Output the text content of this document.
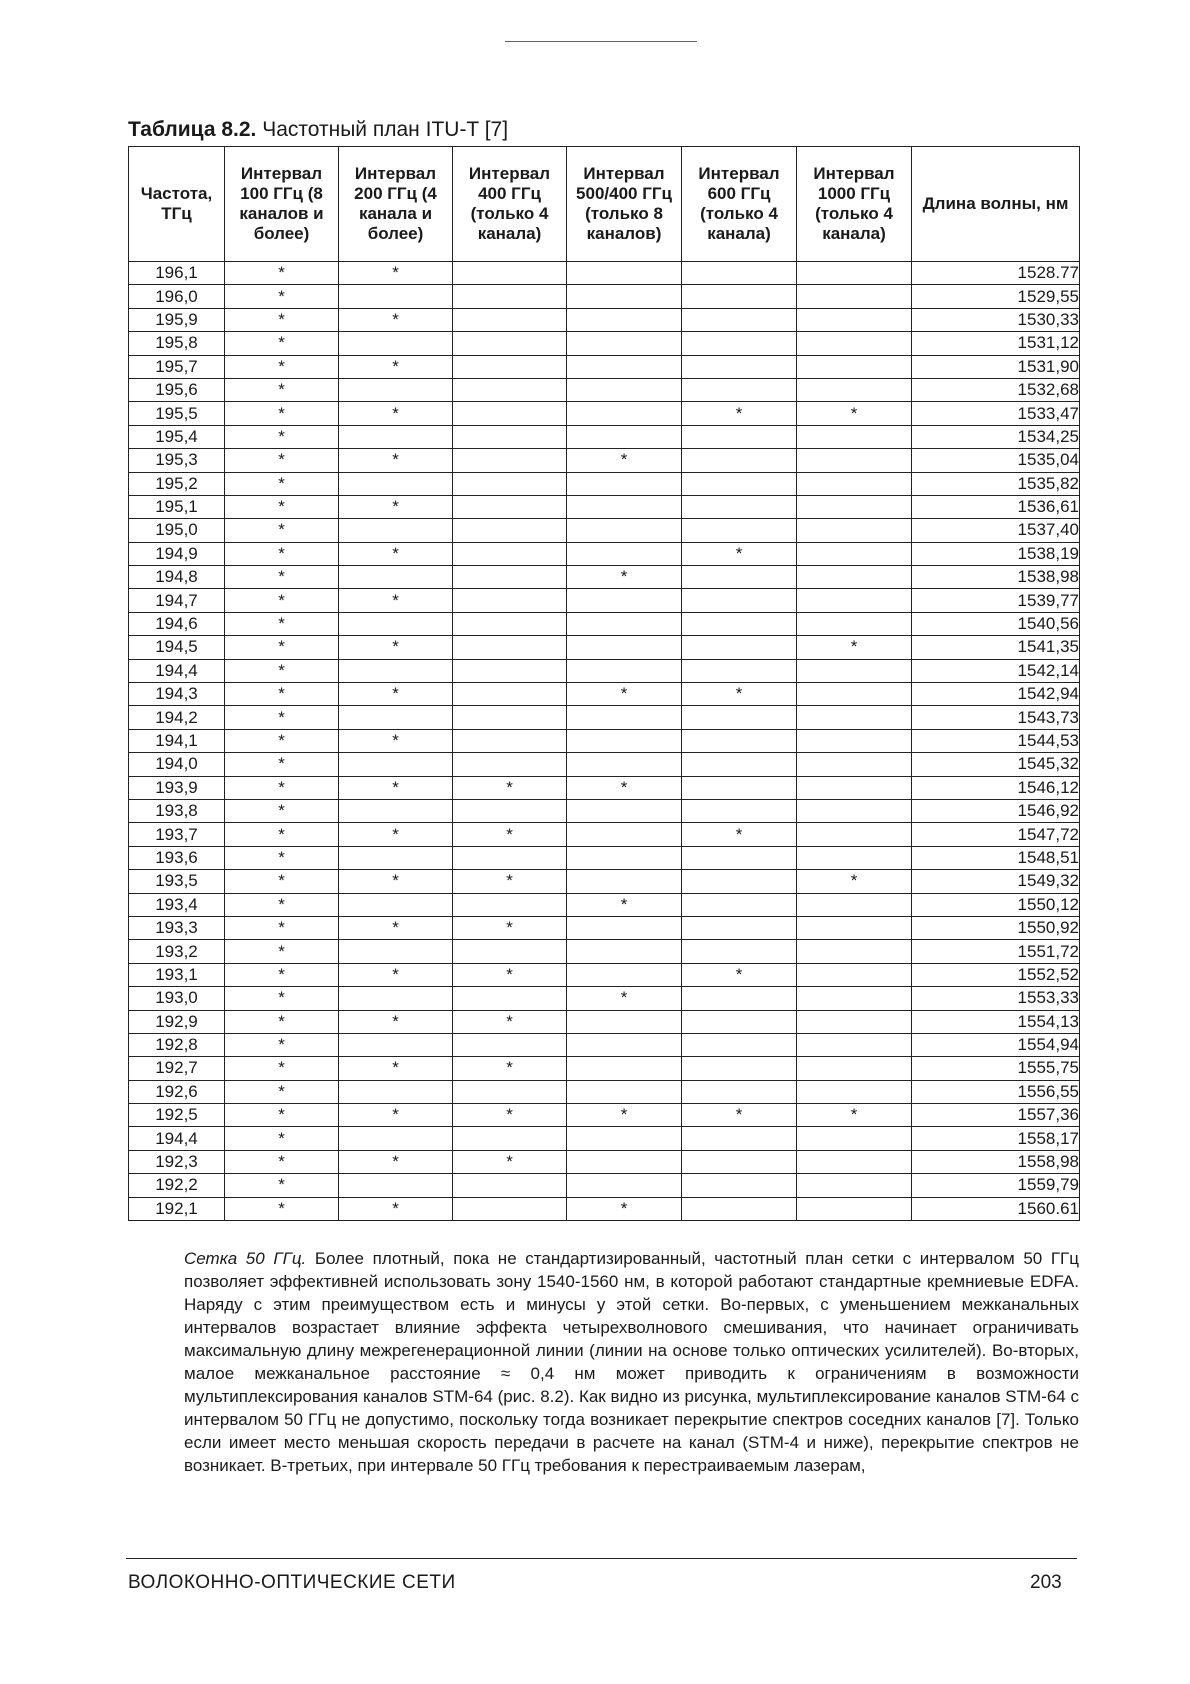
Таблица 8.2. Частотный план ITU-T [7]
Частота, ТГц	Интервал 100 ГГц (8 каналов и более)	Интервал 200 ГГц (4 канала и более)	Интервал 400 ГГц (только 4 канала)	Интервал 500/400 ГГц (только 8 каналов)	Интервал 600 ГГц (только 4 канала)	Интервал 1000 ГГц (только 4 канала)	Длина волны, нм
196,1	*	*					1528.77
196,0	*						1529,55
195,9	*	*					1530,33
195,8	*						1531,12
195,7	*	*					1531,90
195,6	*						1532,68
195,5	*	*			*	*	1533,47
195,4	*						1534,25
195,3	*	*		*			1535,04
195,2	*						1535,82
195,1	*	*					1536,61
195,0	*						1537,40
194,9	*	*			*		1538,19
194,8	*			*			1538,98
194,7	*	*					1539,77
194,6	*						1540,56
194,5	*	*				*	1541,35
194,4	*						1542,14
194,3	*	*		*	*		1542,94
194,2	*						1543,73
194,1	*	*					1544,53
194,0	*						1545,32
193,9	*	*	*	*			1546,12
193,8	*						1546,92
193,7	*	*	*		*		1547,72
193,6	*						1548,51
193,5	*	*	*			*	1549,32
193,4	*			*			1550,12
193,3	*	*	*				1550,92
193,2	*						1551,72
193,1	*	*	*		*		1552,52
193,0	*			*			1553,33
192,9	*	*	*				1554,13
192,8	*						1554,94
192,7	*	*	*				1555,75
192,6	*						1556,55
192,5	*	*	*	*	*	*	1557,36
194,4	*						1558,17
192,3	*	*	*				1558,98
192,2	*						1559,79
192,1	*	*		*			1560.61

Сетка 50 ГГц. Более плотный, пока не стандартизированный, частотный план сетки с интервалом 50 ГГц позволяет эффективней использовать зону 1540-1560 нм, в которой работают стандартные кремниевые EDFA. Наряду с этим преимуществом есть и минусы у этой сетки. Во-первых, с уменьшением межканальных интервалов возрастает влияние эффекта четырехволнового смешивания, что начинает ограничивать максимальную длину межрегенерационной линии (линии на основе только оптических усилителей). Во-вторых, малое межканальное расстояние ≈ 0,4 нм может приводить к ограничениям в возможности мультиплексирования каналов STM-64 (рис. 8.2). Как видно из рисунка, мультиплексирование каналов STM-64 с интервалом 50 ГГц не допустимо, поскольку тогда возникает перекрытие спектров соседних каналов [7]. Только если имеет место меньшая скорость передачи в расчете на канал (STM-4 и ниже), перекрытие спектров не возникает. В-третьих, при интервале 50 ГГц требования к перестраиваемым лазерам,

ВОЛОКОННО-ОПТИЧЕСКИЕ СЕТИ	203
